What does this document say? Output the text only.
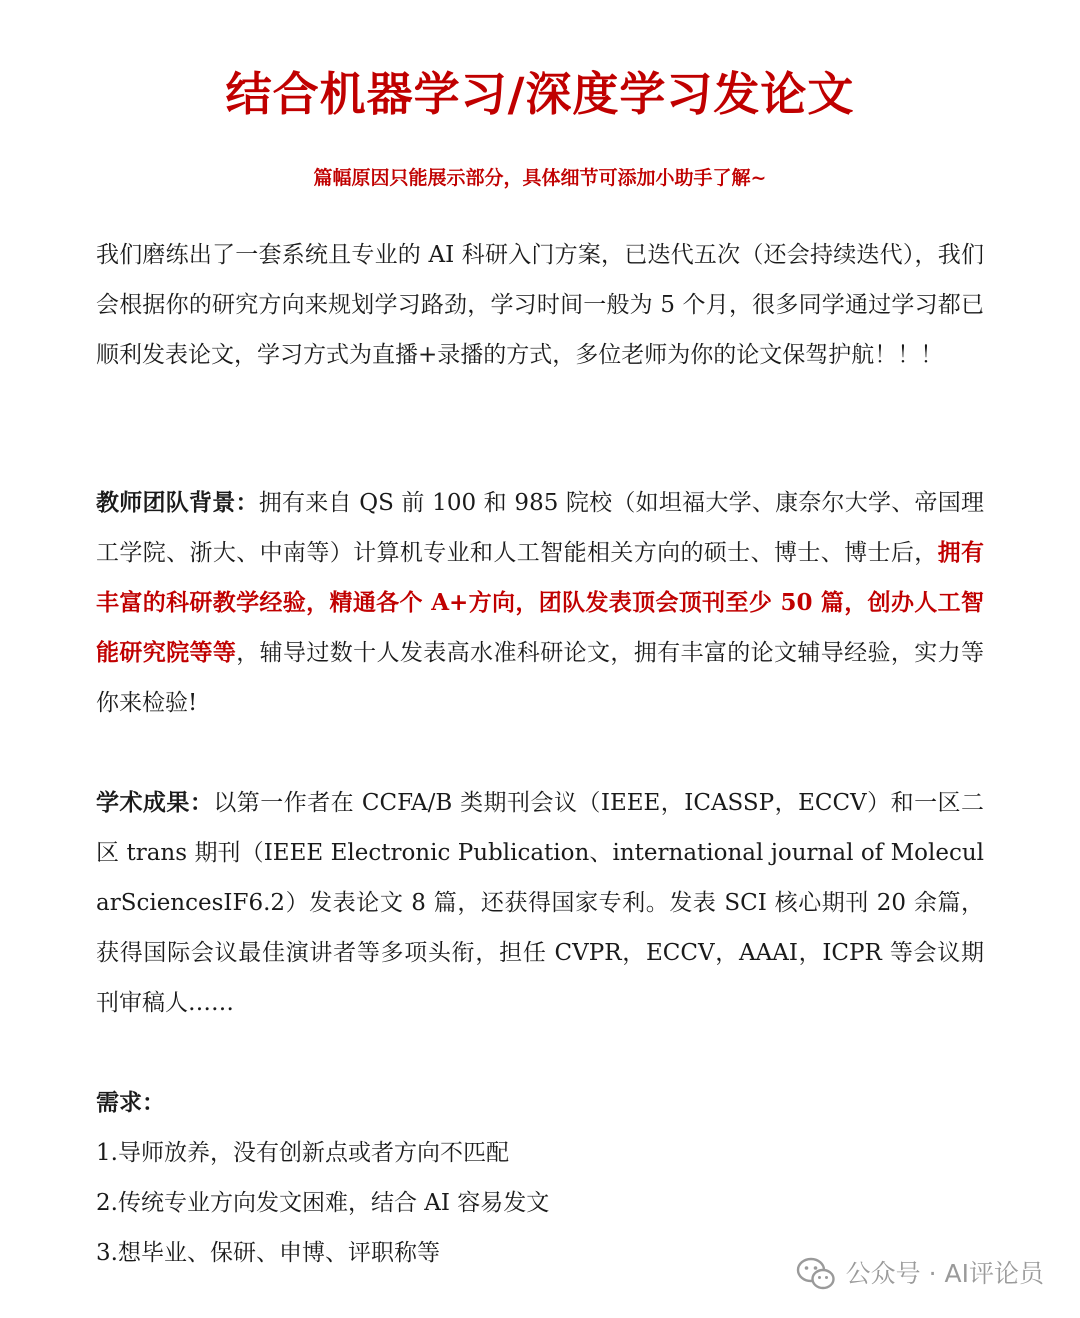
结合机器学习/深度学习发论文

篇幅原因只能展示部分，具体细节可添加小助手了解~

我们磨练出了一套系统且专业的 AI 科研入门方案，已迭代五次（还会持续迭代），我们会根据你的研究方向来规划学习路劲，学习时间一般为 5 个月，很多同学通过学习都已顺利发表论文，学习方式为直播+录播的方式，多位老师为你的论文保驾护航！！！

教师团队背景：拥有来自 QS 前 100 和 985 院校（如坦福大学、康奈尔大学、帝国理工学院、浙大、中南等）计算机专业和人工智能相关方向的硕士、博士、博士后，拥有丰富的科研教学经验，精通各个 A+方向，团队发表顶会顶刊至少 50 篇，创办人工智能研究院等等，辅导过数十人发表高水准科研论文，拥有丰富的论文辅导经验，实力等你来检验!

学术成果：以第一作者在 CCFA/B 类期刊会议（IEEE，ICASSP，ECCV）和一区二区 trans 期刊（IEEE Electronic Publication、international journal of MolecularSciencesIF6.2）发表论文 8 篇，还获得国家专利。发表 SCI 核心期刊 20 余篇，获得国际会议最佳演讲者等多项头衔，担任 CVPR，ECCV，AAAI，ICPR 等会议期刊审稿人……

需求：
1.导师放养，没有创新点或者方向不匹配
2.传统专业方向发文困难，结合 AI 容易发文
3.想毕业、保研、申博、评职称等
公众号 · AI评论员
